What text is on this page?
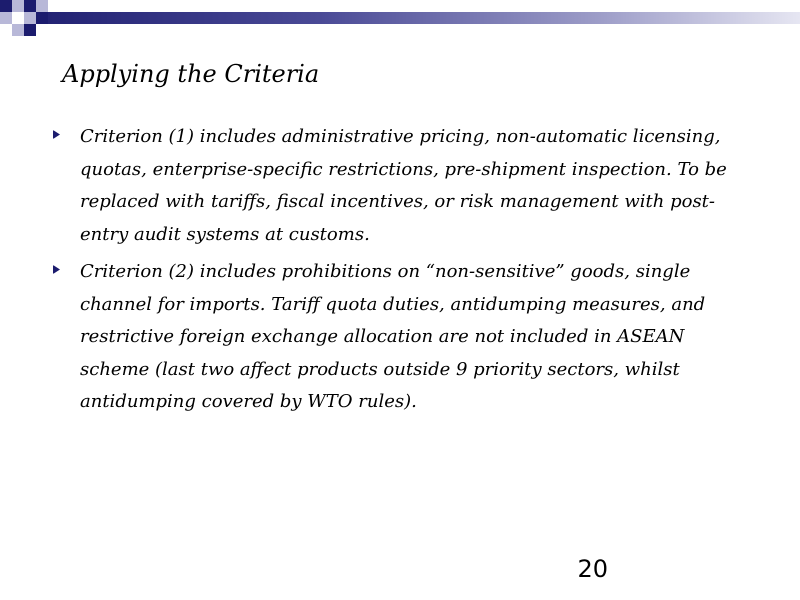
Applying the Criteria
Criterion (1) includes administrative pricing, non-automatic licensing, quotas, enterprise-specific restrictions, pre-shipment inspection. To be replaced with tariffs, fiscal incentives, or risk management with post-entry audit systems at customs.
Criterion (2) includes prohibitions on “non-sensitive” goods, single channel for imports. Tariff quota duties, antidumping measures, and restrictive foreign exchange allocation are not included in ASEAN scheme (last two affect products outside 9 priority sectors, whilst antidumping covered by WTO rules).
20
